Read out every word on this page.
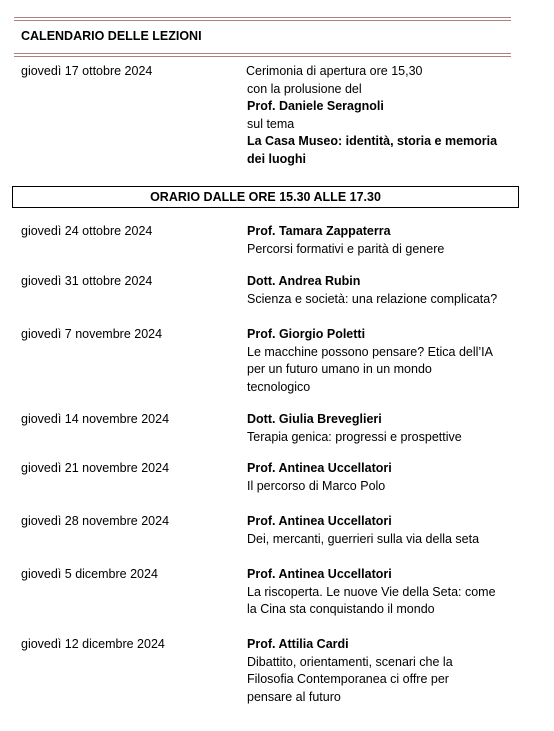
CALENDARIO DELLE LEZIONI
giovedì 17 ottobre 2024	Cerimonia di apertura ore 15,30
con la prolusione del
Prof. Daniele Seragnoli
sul tema
La Casa Museo: identità, storia e memoria
dei luoghi
ORARIO DALLE ORE 15.30 ALLE 17.30
giovedì 24 ottobre 2024	Prof. Tamara Zappaterra
Percorsi formativi e parità di genere
giovedì 31 ottobre 2024	Dott. Andrea Rubin
Scienza e società: una relazione complicata?
giovedì 7 novembre 2024	Prof. Giorgio Poletti
Le macchine possono pensare? Etica dell’IA
per un futuro umano in un mondo
tecnologico
giovedì 14 novembre 2024	Dott. Giulia Breveglieri
Terapia genica: progressi e prospettive
giovedì 21 novembre 2024	Prof. Antinea Uccellatori
Il percorso di Marco Polo
giovedì 28 novembre 2024	Prof. Antinea Uccellatori
Dei, mercanti, guerrieri sulla via della seta
giovedì 5 dicembre 2024	Prof. Antinea Uccellatori
La riscoperta. Le nuove Vie della Seta: come
la Cina sta conquistando il mondo
giovedì 12 dicembre 2024	Prof. Attilia Cardi
Dibattito, orientamenti, scenari che la
Filosofia Contemporanea ci offre per
pensare al futuro
